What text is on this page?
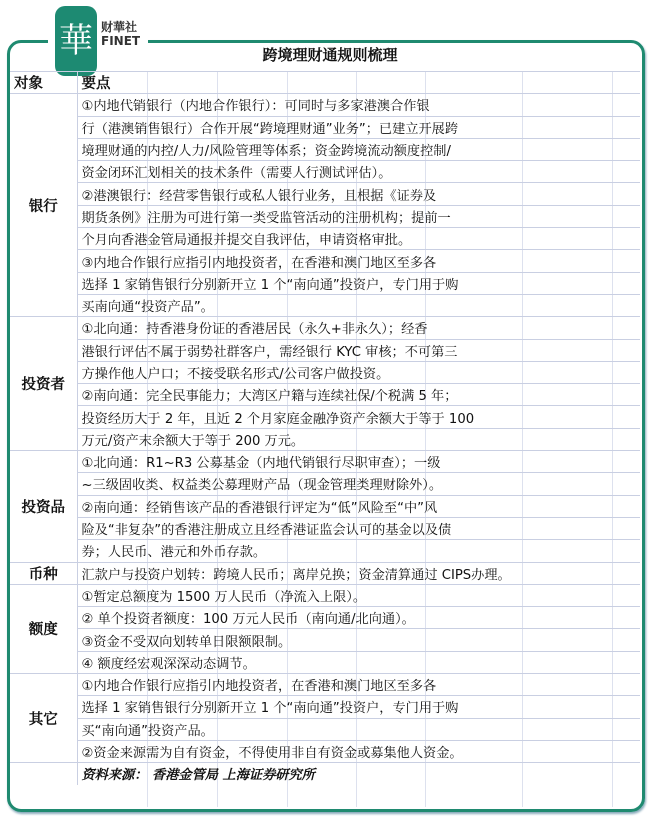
華 财華社
FINET
跨境理财通规则梳理
对象	要点
银行	①内地代销银行（内地合作银行）：可同时与多家港澳合作银
	行（港澳销售银行）合作开展“跨境理财通”业务”；已建立开展跨
	境理财通的内控/人力/风险管理等体系；资金跨境流动额度控制/
	资金闭环汇划相关的技术条件（需要人行测试评估）。
	②港澳银行：经营零售银行或私人银行业务，且根据《证券及
	期货条例》注册为可进行第一类受监管活动的注册机构；提前一
	个月向香港金管局通报并提交自我评估，申请资格审批。
	③内地合作银行应指引内地投资者，在香港和澳门地区至多各
	选择 1 家销售银行分别新开立 1 个“南向通”投资户，专门用于购
	买南向通“投资产品”。
投资者	①北向通：持香港身份证的香港居民（永久+非永久）；经香
	港银行评估不属于弱势社群客户，需经银行 KYC 审核；不可第三
	方操作他人户口；不接受联名形式/公司客户做投资。
	②南向通：完全民事能力；大湾区户籍与连续社保/个税满 5 年；
	投资经历大于 2 年，且近 2 个月家庭金融净资产余额大于等于 100
	万元/资产末余额大于等于 200 万元。
投资品	①北向通：R1~R3 公募基金（内地代销银行尽职审查）；一级
	~三级固收类、权益类公募理财产品（现金管理类理财除外）。
	②南向通：经销售该产品的香港银行评定为“低”风险至“中”风
	险及“非复杂”的香港注册成立且经香港证监会认可的基金以及债
	券；人民币、港元和外币存款。
币种	汇款户与投资户划转：跨境人民币；离岸兑换；资金清算通过 CIPS办理。
额度	①暂定总额度为 1500 万人民币（净流入上限）。
	② 单个投资者额度：100 万元人民币（南向通/北向通）。
	③资金不受双向划转单日限额限制。
	④ 额度经宏观深深动态调节。
其它	①内地合作银行应指引内地投资者，在香港和澳门地区至多各
	选择 1 家销售银行分别新开立 1 个“南向通”投资户，专门用于购
	买“南向通”投资产品。
	②资金来源需为自有资金，不得使用非自有资金或募集他人资金。
	资料来源： 香港金管局 上海证券研究所
